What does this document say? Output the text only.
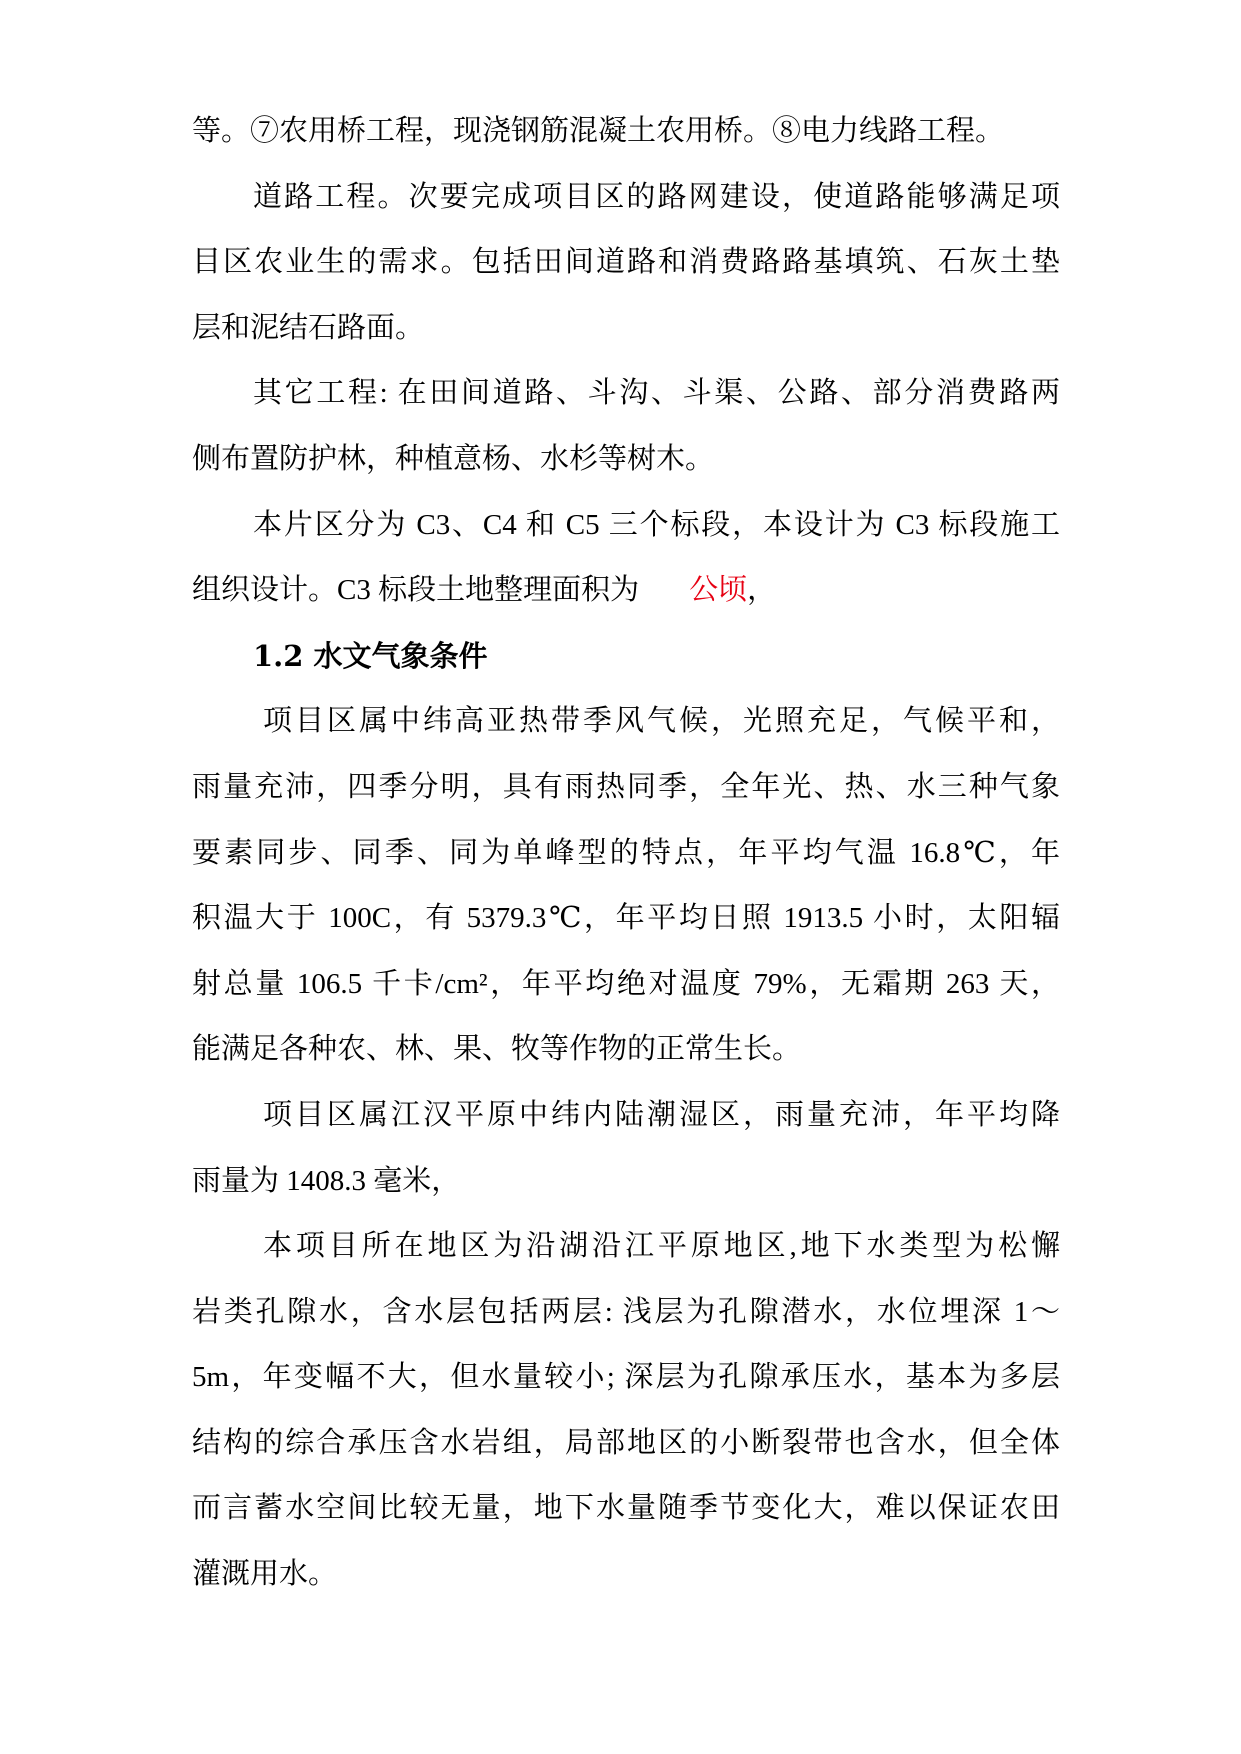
等。⑦农用桥工程，现浇钢筋混凝土农用桥。⑧电力线路工程。
道路工程。次要完成项目区的路网建设，使道路能够满足项
目区农业生的需求。包括田间道路和消费路路基填筑、石灰土垫
层和泥结石路面。
其它工程: 在田间道路、斗沟、斗渠、公路、部分消费路两
侧布置防护林，种植意杨、水杉等树木。
本片区分为 C3、C4 和 C5 三个标段，本设计为 C3 标段施工
组织设计。C3 标段土地整理面积为 公顷，
1.2 水文气象条件
项目区属中纬高亚热带季风气候，光照充足，气候平和，
雨量充沛，四季分明，具有雨热同季，全年光、热、水三种气象
要素同步、同季、同为单峰型的特点，年平均气温 16.8℃，年
积温大于 100C，有 5379.3℃，年平均日照 1913.5 小时，太阳辐
射总量 106.5 千卡/cm²，年平均绝对温度 79%，无霜期 263 天，
能满足各种农、林、果、牧等作物的正常生长。
项目区属江汉平原中纬内陆潮湿区，雨量充沛，年平均降
雨量为 1408.3 毫米，
本项目所在地区为沿湖沿江平原地区,地下水类型为松懈
岩类孔隙水，含水层包括两层: 浅层为孔隙潜水，水位埋深 1～
5m，年变幅不大，但水量较小; 深层为孔隙承压水，基本为多层
结构的综合承压含水岩组，局部地区的小断裂带也含水，但全体
而言蓄水空间比较无量，地下水量随季节变化大，难以保证农田
灌溉用水。
